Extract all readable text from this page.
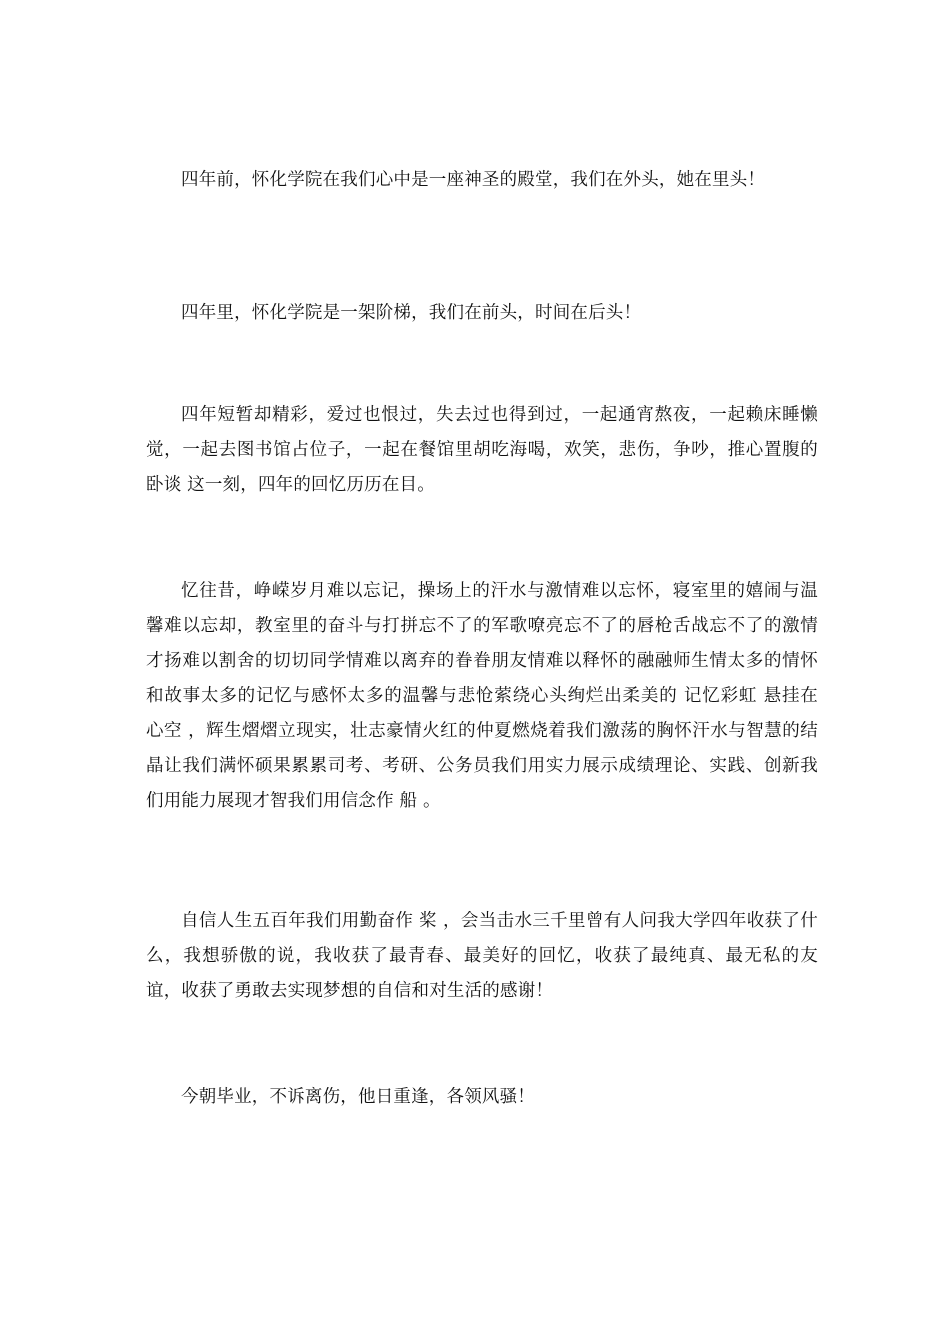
四年前，怀化学院在我们心中是一座神圣的殿堂，我们在外头，她在里头！

四年里，怀化学院是一架阶梯，我们在前头，时间在后头！

四年短暂却精彩，爱过也恨过，失去过也得到过，一起通宵熬夜，一起赖床睡懒觉，一起去图书馆占位子，一起在餐馆里胡吃海喝，欢笑，悲伤，争吵，推心置腹的卧谈 这一刻，四年的回忆历历在目。

忆往昔，峥嵘岁月难以忘记，操场上的汗水与激情难以忘怀，寝室里的嬉闹与温馨难以忘却，教室里的奋斗与打拼忘不了的军歌嘹亮忘不了的唇枪舌战忘不了的激情才扬难以割舍的切切同学情难以离弃的眷眷朋友情难以释怀的融融师生情太多的情怀和故事太多的记忆与感怀太多的温馨与悲怆萦绕心头绚烂出柔美的 记忆彩虹 悬挂在 心空 ，辉生熠熠立现实，壮志豪情火红的仲夏燃烧着我们激荡的胸怀汗水与智慧的结晶让我们满怀硕果累累司考、考研、公务员我们用实力展示成绩理论、实践、创新我们用能力展现才智我们用信念作 船 。

自信人生五百年我们用勤奋作 桨 ，会当击水三千里曾有人问我大学四年收获了什么，我想骄傲的说，我收获了最青春、最美好的回忆，收获了最纯真、最无私的友谊，收获了勇敢去实现梦想的自信和对生活的感谢！

今朝毕业，不诉离伤，他日重逢，各领风骚！
